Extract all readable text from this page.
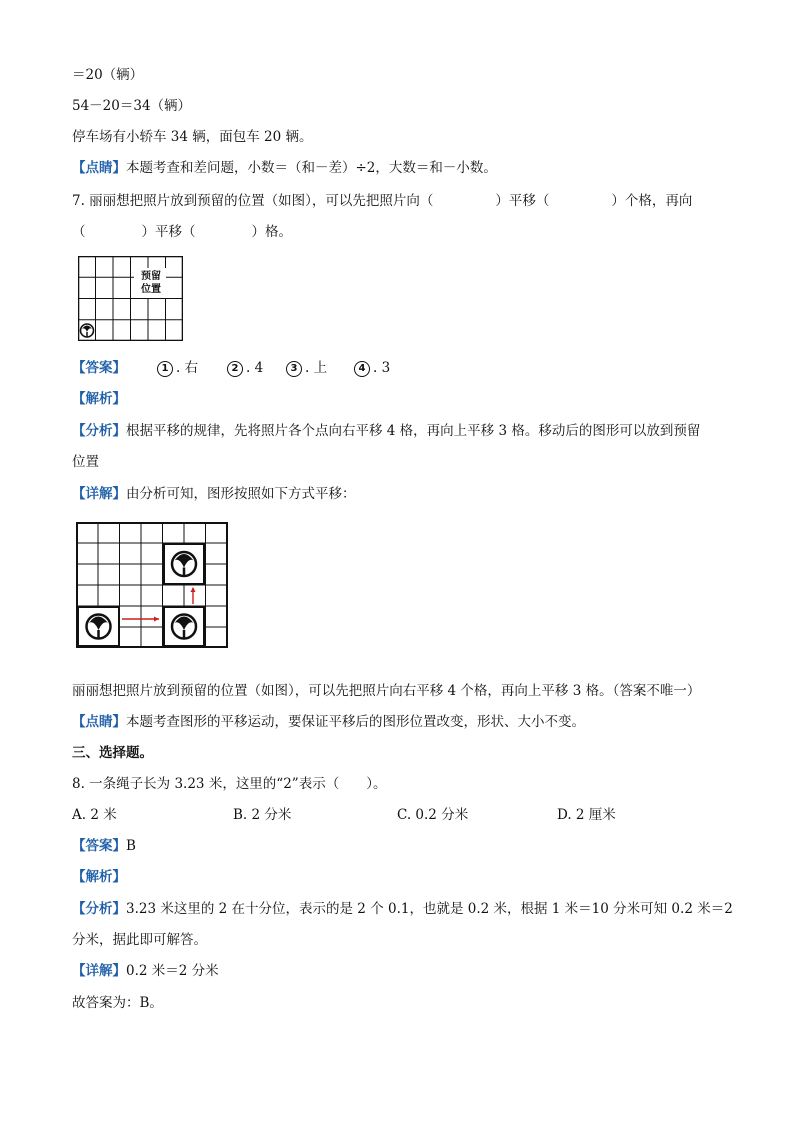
＝20（辆）
54－20＝34（辆）
停车场有小轿车 34 辆，面包车 20 辆。
【点睛】本题考查和差问题，小数＝（和－差）÷2，大数＝和－小数。
7. 丽丽想把照片放到预留的位置（如图），可以先把照片向（	）平移（	）个格，再向
（	）平移（	）格。
预留
位置
【答案】	1 . 右	2 . 4	3 . 上	4 . 3
【解析】
【分析】根据平移的规律，先将照片各个点向右平移 4 格，再向上平移 3 格。移动后的图形可以放到预留
位置
【详解】由分析可知，图形按照如下方式平移：
丽丽想把照片放到预留的位置（如图），可以先把照片向右平移 4 个格，再向上平移 3 格。（答案不唯一）
【点睛】本题考查图形的平移运动，要保证平移后的图形位置改变，形状、大小不变。
三、选择题。
8. 一条绳子长为 3.23 米，这里的“2”表示（　　）。
A. 2 米	B. 2 分米	C. 0.2 分米	D. 2 厘米
【答案】B
【解析】
【分析】3.23 米这里的 2 在十分位，表示的是 2 个 0.1，也就是 0.2 米，根据 1 米＝10 分米可知 0.2 米＝2
分米，据此即可解答。
【详解】0.2 米＝2 分米
故答案为：B。
